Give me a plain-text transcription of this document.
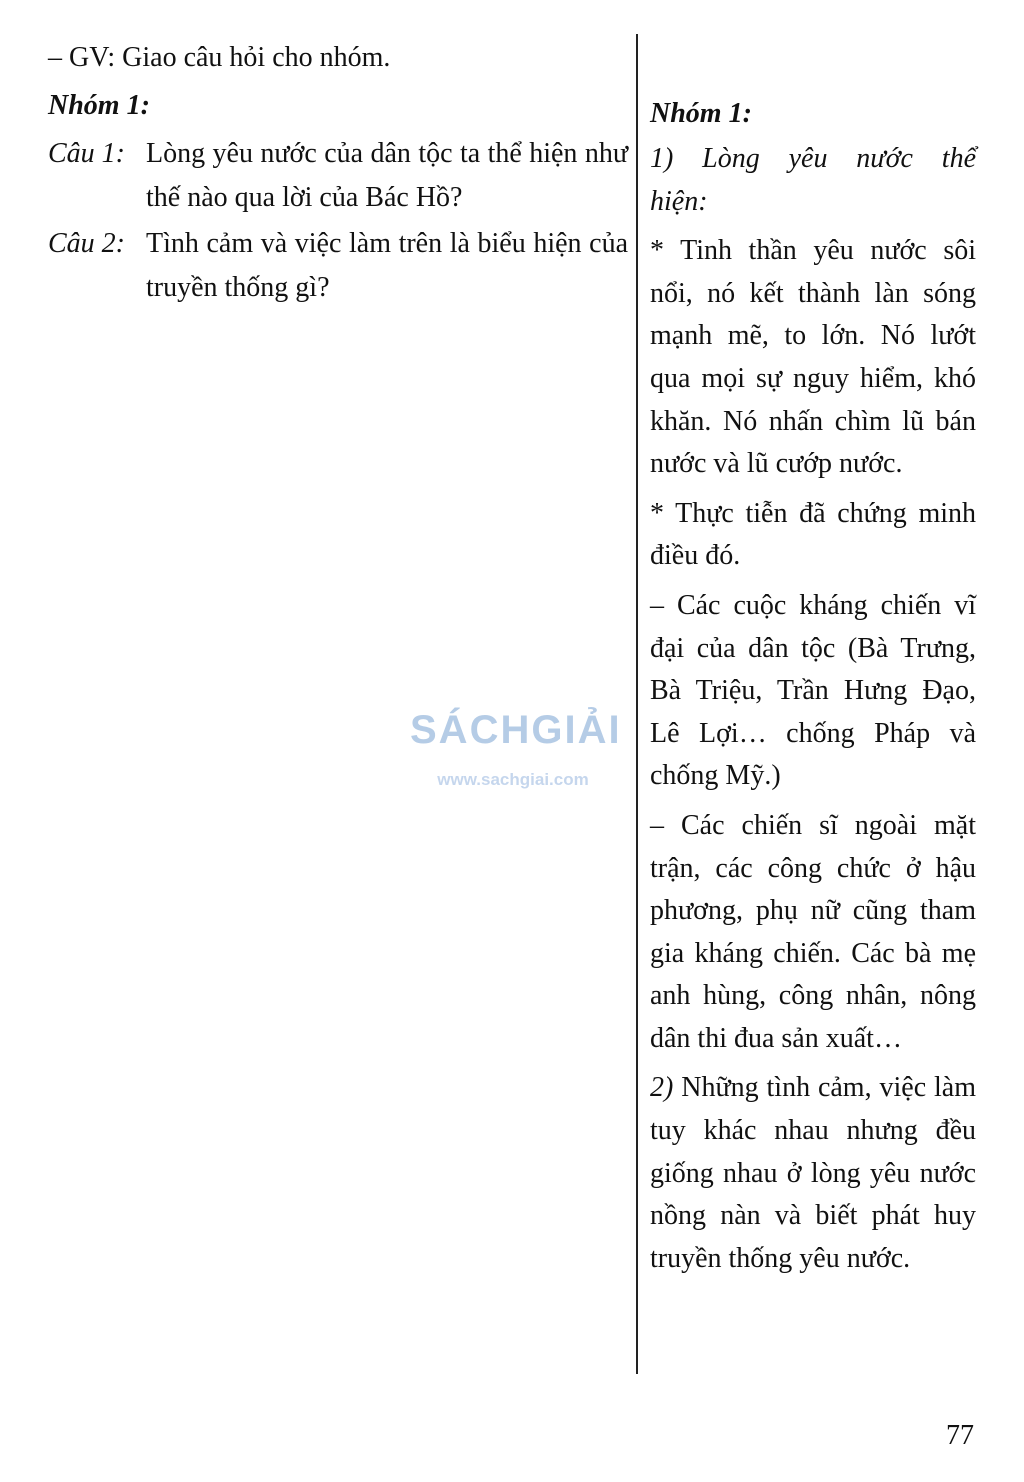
– GV: Giao câu hỏi cho nhóm.
Nhóm 1:
Câu 1: Lòng yêu nước của dân tộc ta thể hiện như thế nào qua lời của Bác Hồ?
Câu 2: Tình cảm và việc làm trên là biểu hiện của truyền thống gì?
Nhóm 1:
1) Lòng yêu nước thể hiện:
* Tinh thần yêu nước sôi nổi, nó kết thành làn sóng mạnh mẽ, to lớn. Nó lướt qua mọi sự nguy hiểm, khó khăn. Nó nhấn chìm lũ bán nước và lũ cướp nước.
* Thực tiễn đã chứng minh điều đó.
– Các cuộc kháng chiến vĩ đại của dân tộc (Bà Trưng, Bà Triệu, Trần Hưng Đạo, Lê Lợi… chống Pháp và chống Mỹ.)
– Các chiến sĩ ngoài mặt trận, các công chức ở hậu phương, phụ nữ cũng tham gia kháng chiến. Các bà mẹ anh hùng, công nhân, nông dân thi đua sản xuất…
2) Những tình cảm, việc làm tuy khác nhau nhưng đều giống nhau ở lòng yêu nước nồng nàn và biết phát huy truyền thống yêu nước.
SÁCHGIẢI
www.sachgiai.com
77
